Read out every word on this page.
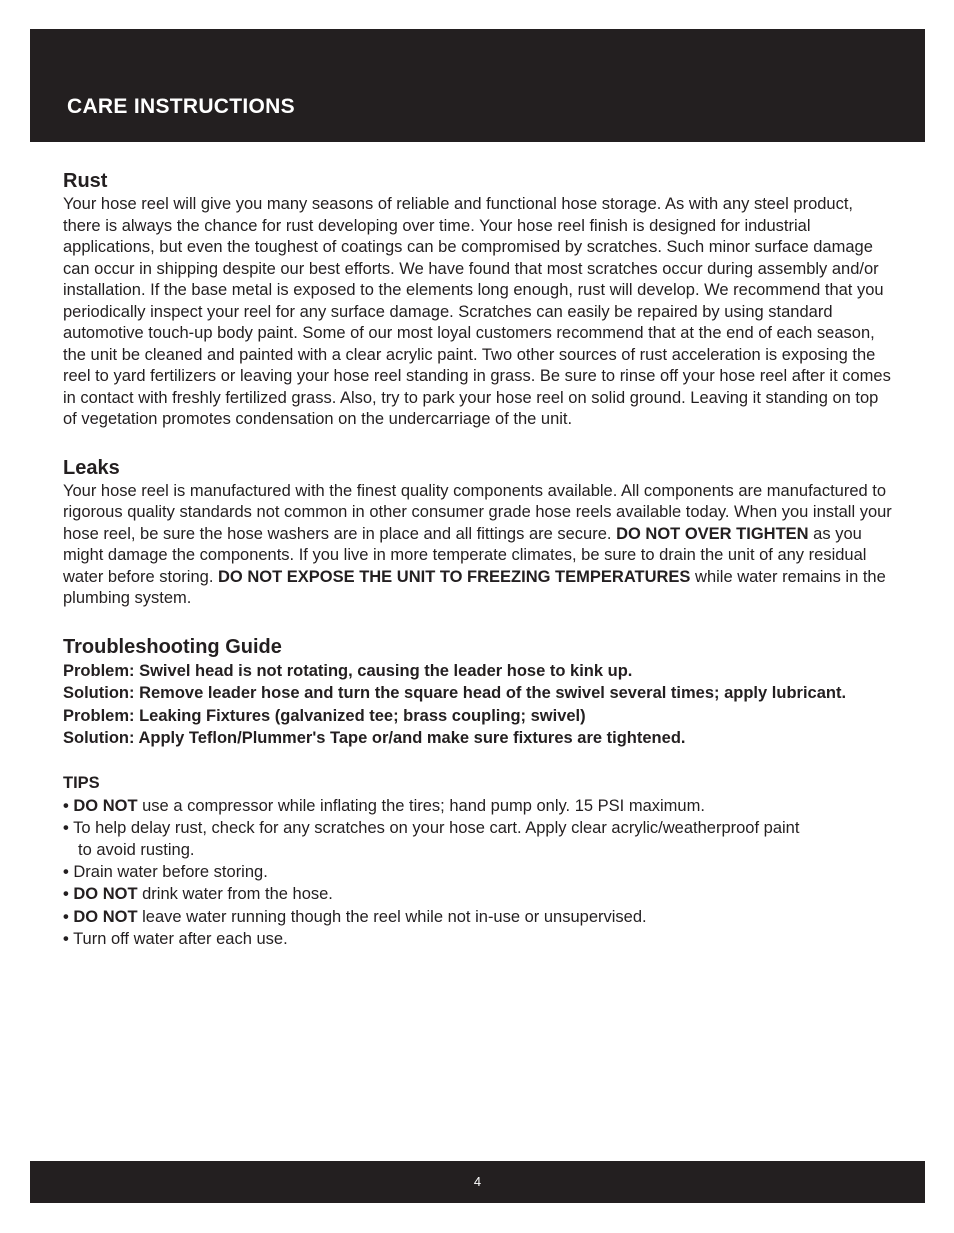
CARE INSTRUCTIONS
Rust

Your hose reel will give you many seasons of reliable and functional hose storage. As with any steel product, there is always the chance for rust developing over time. Your hose reel finish is designed for industrial applications, but even the toughest of coatings can be compromised by scratches. Such minor surface damage can occur in shipping despite our best efforts. We have found that most scratches occur during assembly and/or installation. If the base metal is exposed to the elements long enough, rust will develop. We recommend that you periodically inspect your reel for any surface damage. Scratches can easily be repaired by using standard automotive touch-up body paint. Some of our most loyal customers recommend that at the end of each season, the unit be cleaned and painted with a clear acrylic paint. Two other sources of rust acceleration is exposing the reel to yard fertilizers or leaving your hose reel standing in grass. Be sure to rinse off your hose reel after it comes in contact with freshly fertilized grass. Also, try to park your hose reel on solid ground. Leaving it standing on top of vegetation promotes condensation on the undercarriage of the unit.

Leaks

Your hose reel is manufactured with the finest quality components available. All components are manufactured to rigorous quality standards not common in other consumer grade hose reels available today. When you install your hose reel, be sure the hose washers are in place and all fittings are secure. DO NOT OVER TIGHTEN as you might damage the components. If you live in more temperate climates, be sure to drain the unit of any residual water before storing. DO NOT EXPOSE THE UNIT TO FREEZING TEMPERATURES while water remains in the plumbing system.

Troubleshooting Guide

Problem: Swivel head is not rotating, causing the leader hose to kink up.

Solution: Remove leader hose and turn the square head of the swivel several times; apply lubricant.

Problem: Leaking Fixtures (galvanized tee; brass coupling; swivel)

Solution: Apply Teflon/Plummer's Tape or/and make sure fixtures are tightened.

TIPS

• DO NOT use a compressor while inflating the tires; hand pump only. 15 PSI maximum.

• To help delay rust, check for any scratches on your hose cart. Apply clear acrylic/weatherproof paint

to avoid rusting.

• Drain water before storing.

• DO NOT drink water from the hose.

• DO NOT leave water running though the reel while not in-use or unsupervised.

• Turn off water after each use.

4
